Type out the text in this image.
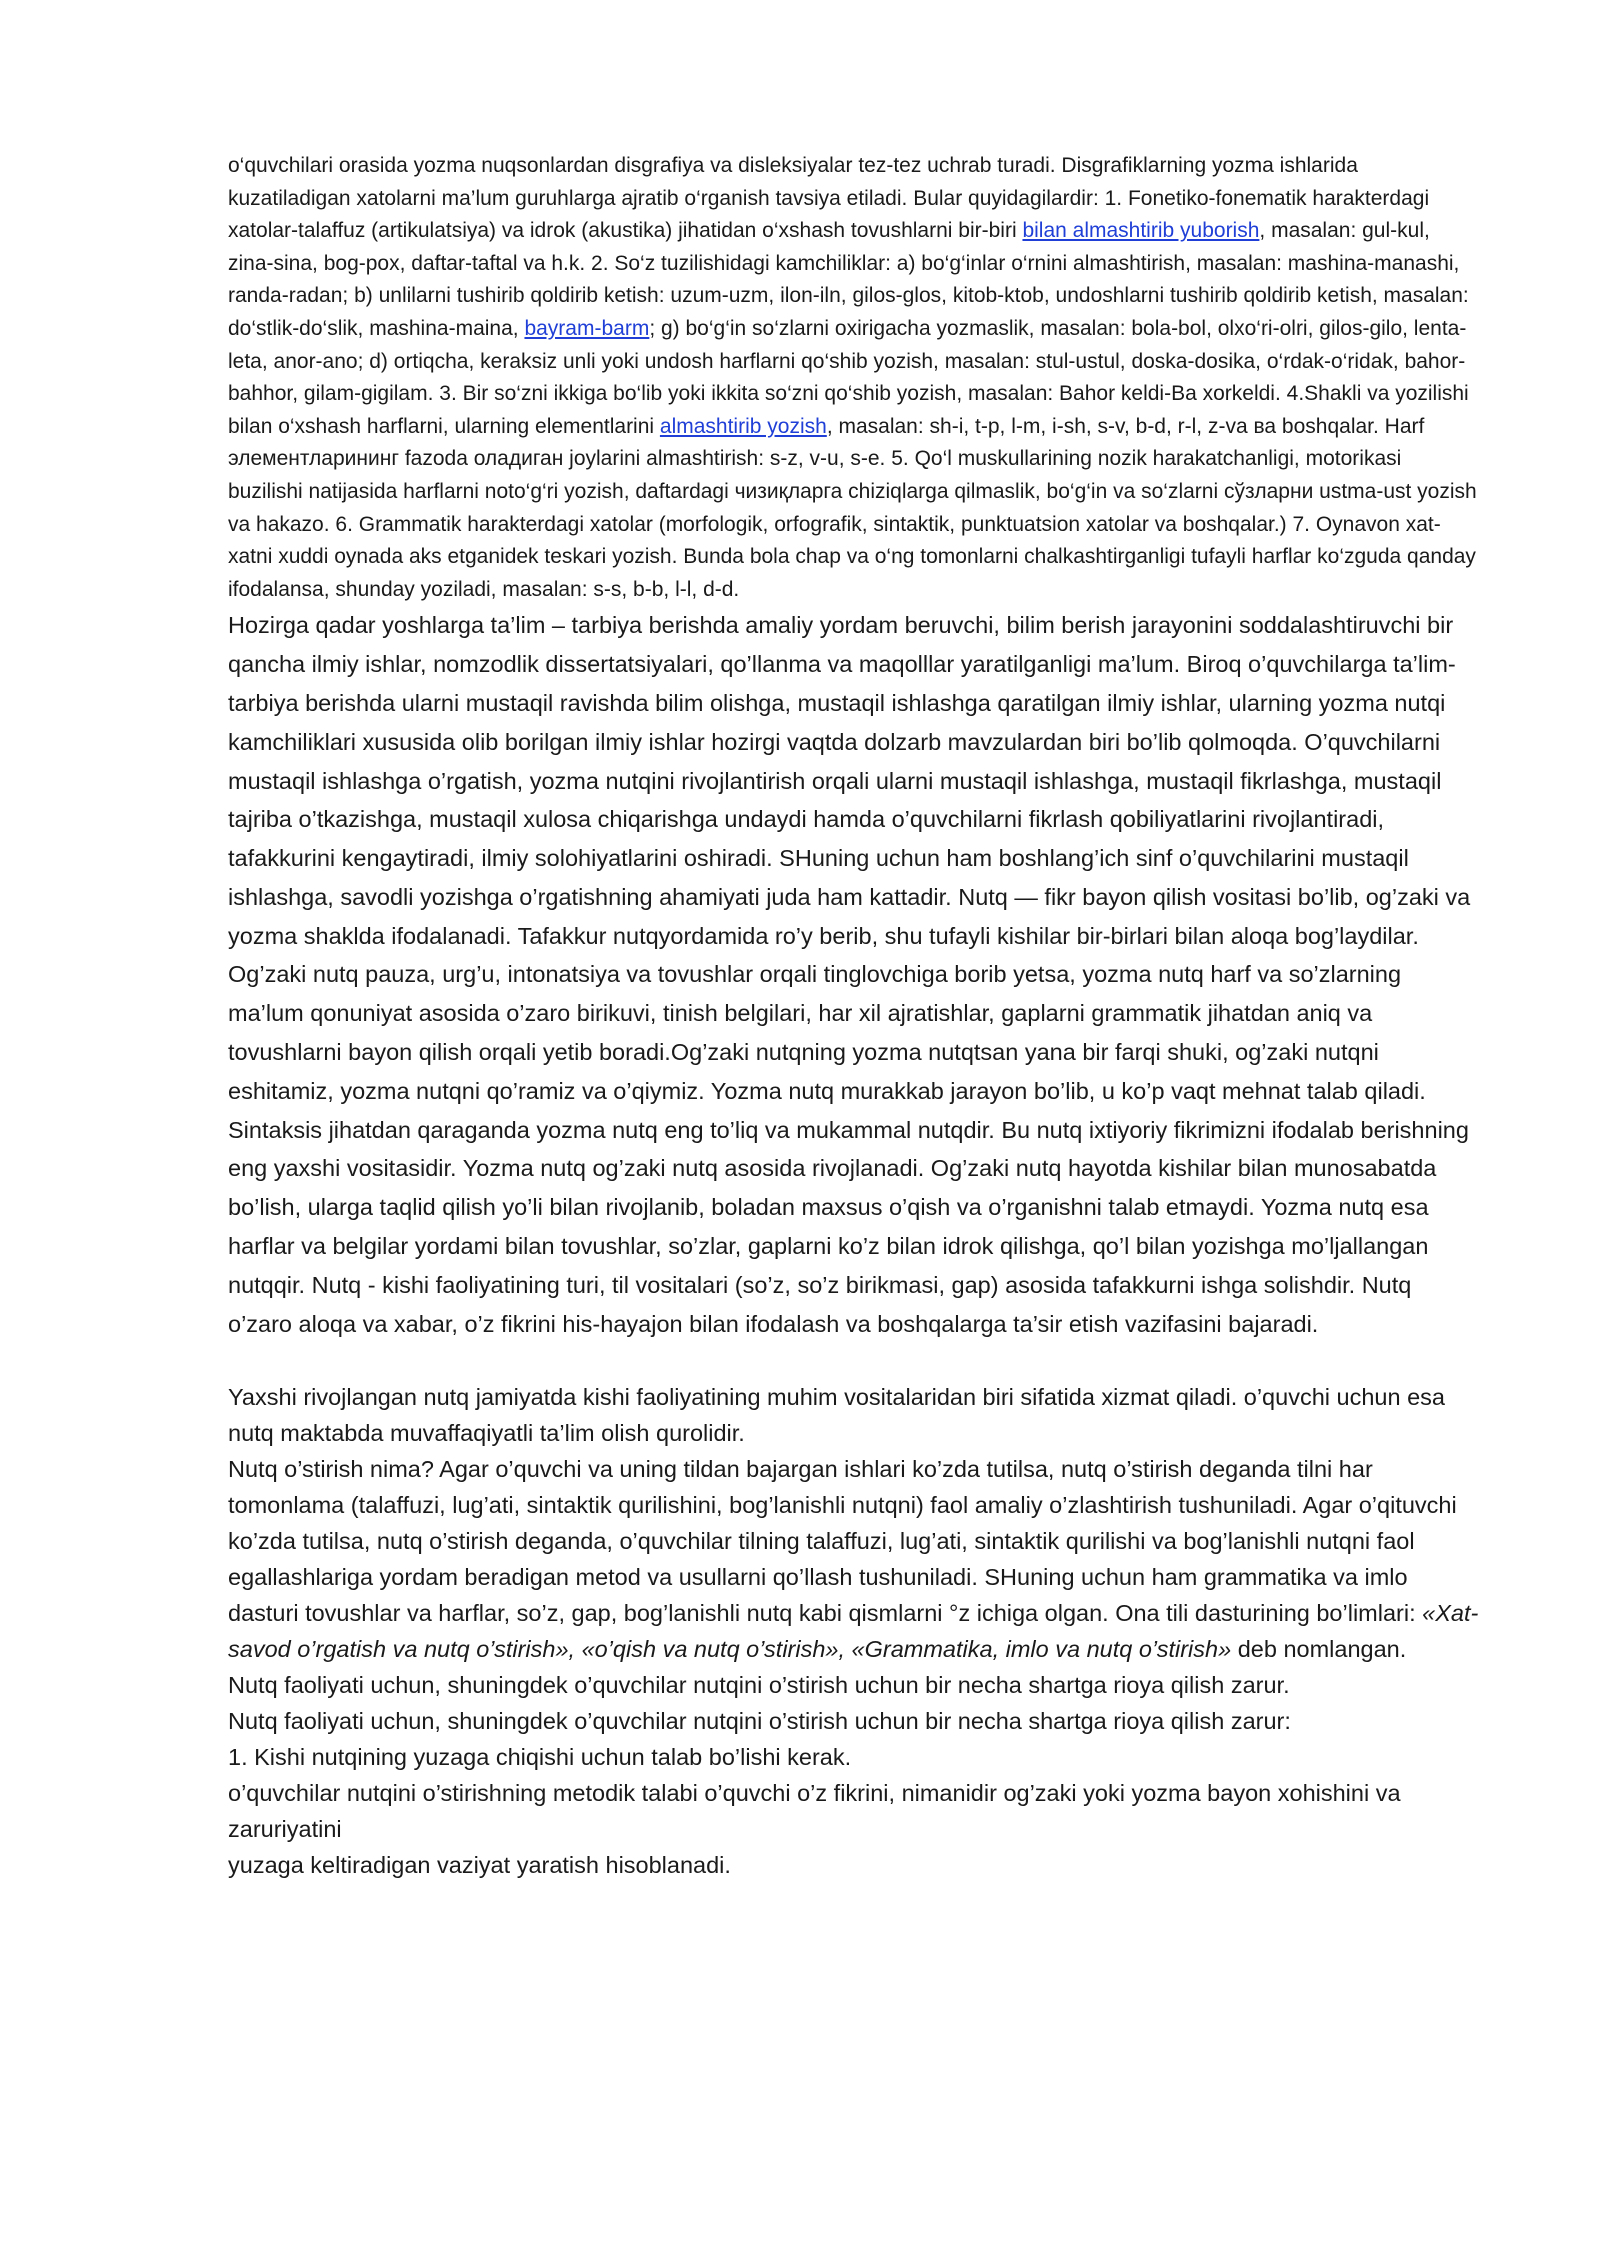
o‘quvchilari orasida yozma nuqsonlardan disgrafiya va disleksiyalar tez-tez uchrab turadi. Disgrafiklarning yozma ishlarida kuzatiladigan xatolarni ma’lum guruhlarga ajratib o‘rganish tavsiya etiladi. Bular quyidagilardir: 1. Fonetiko-fonematik harakterdagi xatolar-talaffuz (artikulatsiya) va idrok (akustika) jihatidan o‘xshash tovushlarni bir-biri bilan almashtirib yuborish, masalan: gul-kul, zina-sina, bog-pox, daftar-taftal va h.k. 2. So‘z tuzilishidagi kamchiliklar: a) bo‘g‘inlar o‘rnini almashtirish, masalan: mashina-manashi, randa-radan; b) unlilarni tushirib qoldirib ketish: uzum-uzm, ilon-iln, gilos-glos, kitob-ktob, undoshlarni tushirib qoldirib ketish, masalan: do‘stlik-do‘slik, mashina-maina, bayram-barm; g) bo‘g‘in so‘zlarni oxirigacha yozmaslik, masalan: bola-bol, olxo‘ri-olri, gilos-gilo, lenta-leta, anor-ano; d) ortiqcha, keraksiz unli yoki undosh harflarni qo‘shib yozish, masalan: stul-ustul, doska-dosika, o‘rdak-o‘ridak, bahor-bahhor, gilam-gigilam. 3. Bir so‘zni ikkiga bo‘lib yoki ikkita so‘zni qo‘shib yozish, masalan: Bahor keldi-Ba xorkeldi. 4.Shakli va yozilishi bilan o‘xshash harflarni, ularning elementlarini almashtirib yozish, masalan: sh-i, t-p, l-m, i-sh, s-v, b-d, r-l, z-va ва boshqalar. Harf элементларининг fazoda оладиган joylarini almashtirish: s-z, v-u, s-e. 5. Qo‘l muskullarining nozik harakatchanligi, motorikasi buzilishi natijasida harflarni noto‘g‘ri yozish, daftardagi чизиқларга chiziqlarga qilmaslik, bo‘g‘in va so‘zlarni сўзларни ustma-ust yozish va hakazo. 6. Grammatik harakterdagi xatolar (morfologik, orfografik, sintaktik, punktuatsion xatolar va boshqalar.) 7. Oynavon xat-xatni xuddi oynada aks etganidek teskari yozish. Bunda bola chap va o‘ng tomonlarni chalkashtirganligi tufayli harflar ko‘zguda qanday ifodalansa, shunday yoziladi, masalan: s-s, b-b, l-l, d-d.

Hozirga qadar yoshlarga ta’lim – tarbiya berishda amaliy yordam beruvchi, bilim berish jarayonini soddalashtiruvchi bir qancha ilmiy ishlar, nomzodlik dissertatsiyalari, qo’llanma va maqolllar yaratilganligi ma’lum. Biroq o’quvchilarga ta’lim-tarbiya berishda ularni mustaqil ravishda bilim olishga, mustaqil ishlashga qaratilgan ilmiy ishlar, ularning yozma nutqi kamchiliklari xususida olib borilgan ilmiy ishlar hozirgi vaqtda dolzarb mavzulardan biri bo’lib qolmoqda. O’quvchilarni mustaqil ishlashga o’rgatish, yozma nutqini rivojlantirish orqali ularni mustaqil ishlashga, mustaqil fikrlashga, mustaqil tajriba o’tkazishga, mustaqil xulosa chiqarishga undaydi hamda o’quvchilarni fikrlash qobiliyatlarini rivojlantiradi, tafakkurini kengaytiradi, ilmiy solohiyatlarini oshiradi. SHuning uchun ham boshlang’ich sinf o’quvchilarini mustaqil ishlashga, savodli yozishga o’rgatishning ahamiyati juda ham kattadir. Nutq — fikr bayon qilish vositasi bo’lib, og’zaki va yozma shaklda ifodalanadi. Tafakkur nutqyordamida ro’y berib, shu tufayli kishilar bir-birlari bilan aloqa bog’laydilar. Og’zaki nutq pauza, urg’u, intonatsiya va tovushlar orqali tinglovchiga borib yetsa, yozma nutq harf va so’zlarning ma’lum qonuniyat asosida o’zaro birikuvi, tinish belgilari, har xil ajratishlar, gaplarni grammatik jihatdan aniq va tovushlarni bayon qilish orqali yetib boradi.Og’zaki nutqning yozma nutqtsan yana bir farqi shuki, og’zaki nutqni eshitamiz, yozma nutqni qo’ramiz va o’qiymiz. Yozma nutq murakkab jarayon bo’lib, u ko’p vaqt mehnat talab qiladi. Sintaksis jihatdan qaraganda yozma nutq eng to’liq va mukammal nutqdir. Bu nutq ixtiyoriy fikrimizni ifodalab berishning eng yaxshi vositasidir. Yozma nutq og’zaki nutq asosida rivojlanadi. Og’zaki nutq hayotda kishilar bilan munosabatda bo’lish, ularga taqlid qilish yo’li bilan rivojlanib, boladan maxsus o’qish va o’rganishni talab etmaydi. Yozma nutq esa harflar va belgilar yordami bilan tovushlar, so’zlar, gaplarni ko’z bilan idrok qilishga, qo’l bilan yozishga mo’ljallangan nutqqir. Nutq - kishi faoliyatining turi, til vositalari (so’z, so’z birikmasi, gap) asosida tafakkurni ishga solishdir. Nutq o’zaro aloqa va xabar, o’z fikrini his-hayajon bilan ifodalash va boshqalarga ta’sir etish vazifasini bajaradi.

Yaxshi rivojlangan nutq jamiyatda kishi faoliyatining muhim vositalaridan biri sifatida xizmat qiladi. o’quvchi uchun esa nutq maktabda muvaffaqiyatli ta’lim olish qurolidir.
Nutq o’stirish nima? Agar o’quvchi va uning tildan bajargan ishlari ko’zda tutilsa, nutq o’stirish deganda tilni har tomonlama (talaffuzi, lug’ati, sintaktik qurilishini, bog’lanishli nutqni) faol amaliy o’zlashtirish tushuniladi. Agar o’qituvchi ko’zda tutilsa, nutq o’stirish deganda, o’quvchilar tilning talaffuzi, lug’ati, sintaktik qurilishi va bog’lanishli nutqni faol egallashlariga yordam beradigan metod va usullarni qo’llash tushuniladi. SHuning uchun ham grammatika va imlo dasturi tovushlar va harflar, so’z, gap, bog’lanishli nutq kabi qismlarni °z ichiga olgan. Ona tili dasturining bo’limlari: «Xat-savod o’rgatish va nutq o’stirish», «o’qish va nutq o’stirish», «Grammatika, imlo va nutq o’stirish» deb nomlangan.
Nutq faoliyati uchun, shuningdek o’quvchilar nutqini o’stirish uchun bir necha shartga rioya qilish zarur.
Nutq faoliyati uchun, shuningdek o’quvchilar nutqini o’stirish uchun bir necha shartga rioya qilish zarur:
1. Kishi nutqining yuzaga chiqishi uchun talab bo’lishi kerak.
o’quvchilar nutqini o’stirishning metodik talabi o’quvchi o’z fikrini, nimanidir og’zaki yoki yozma bayon xohishini va zaruriyatini
yuzaga keltiradigan vaziyat yaratish hisoblanadi.
